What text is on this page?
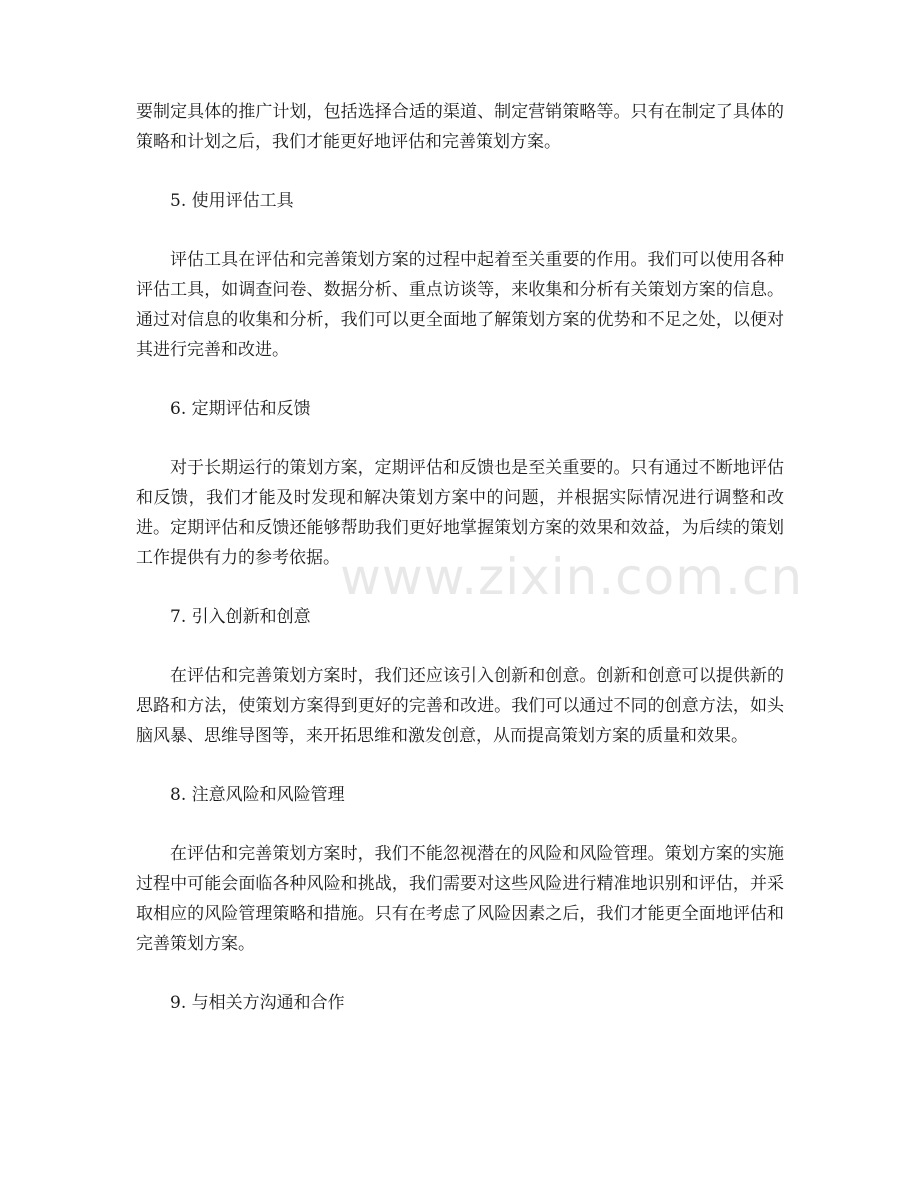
www.zixin.com.cn

要制定具体的推广计划，包括选择合适的渠道、制定营销策略等。只有在制定了具体的策略和计划之后，我们才能更好地评估和完善策划方案。

5. 使用评估工具

评估工具在评估和完善策划方案的过程中起着至关重要的作用。我们可以使用各种评估工具，如调查问卷、数据分析、重点访谈等，来收集和分析有关策划方案的信息。通过对信息的收集和分析，我们可以更全面地了解策划方案的优势和不足之处，以便对其进行完善和改进。

6. 定期评估和反馈

对于长期运行的策划方案，定期评估和反馈也是至关重要的。只有通过不断地评估和反馈，我们才能及时发现和解决策划方案中的问题，并根据实际情况进行调整和改进。定期评估和反馈还能够帮助我们更好地掌握策划方案的效果和效益，为后续的策划工作提供有力的参考依据。

7. 引入创新和创意

在评估和完善策划方案时，我们还应该引入创新和创意。创新和创意可以提供新的思路和方法，使策划方案得到更好的完善和改进。我们可以通过不同的创意方法，如头脑风暴、思维导图等，来开拓思维和激发创意，从而提高策划方案的质量和效果。

8. 注意风险和风险管理

在评估和完善策划方案时，我们不能忽视潜在的风险和风险管理。策划方案的实施过程中可能会面临各种风险和挑战，我们需要对这些风险进行精准地识别和评估，并采取相应的风险管理策略和措施。只有在考虑了风险因素之后，我们才能更全面地评估和完善策划方案。

9. 与相关方沟通和合作
